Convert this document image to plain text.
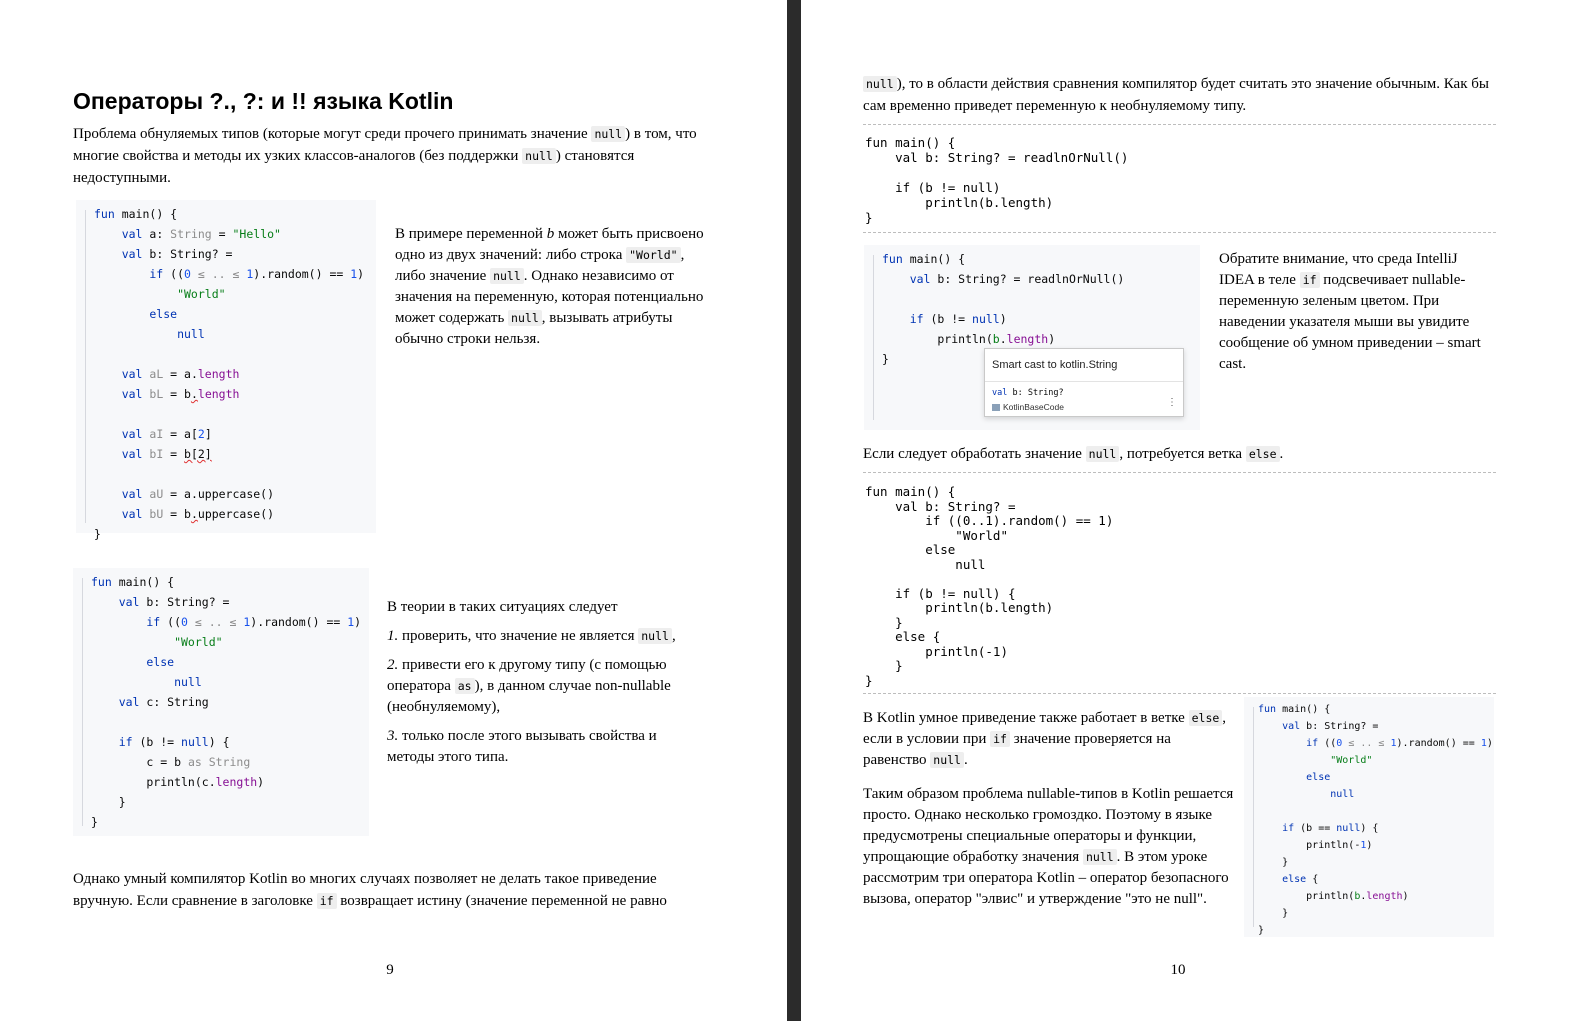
Операторы ?., ?: и !! языка Kotlin
Проблема обнуляемых типов (которые могут среди прочего принимать значение null ) в том, что многие свойства и методы их узких классов-аналогов (без поддержки null ) становятся недоступными.
fun main() {
val a: String = "Hello"
val b: String? =
if ((0 ≤ .. ≤ 1).random() == 1)
"World"
else
null
val aL = a.length
val bL = b.length
val aI = a[2]
val bI = b[2]
val aU = a.uppercase()
val bU = b.uppercase()
}
В примере переменной b может быть присвоено одно из двух значений: либо строка "World" , либо значение null . Однако независимо от значения на переменную, которая потенциально может содержать null , вызывать атрибуты обычно строки нельзя.
fun main() {
val b: String? =
if ((0 ≤ .. ≤ 1).random() == 1)
"World"
else
null
val c: String
if (b != null) {
c = b as String
println(c.length)
}
}
В теории в таких ситуациях следует
1. проверить, что значение не является null ,
2. привести его к другому типу (с помощью оператора as ), в данном случае non-nullable (необнуляемому),
3. только после этого вызывать свойства и методы этого типа.
Однако умный компилятор Kotlin во многих случаях позволяет не делать такое приведение вручную. Если сравнение в заголовке if возвращает истину (значение переменной не равно
9
null ), то в области действия сравнения компилятор будет считать это значение обычным. Как бы сам временно приведет переменную к необнуляемому типу.
fun main() {
val b: String? = readlnOrNull()

if (b != null)
println(b.length)
}
fun main() {
val b: String? = readlnOrNull()
if (b != null)
println(b.length)
}	Smart cast to kotlin.String
val b: String?
KotlinBaseCode	⋮
Обратите внимание, что среда IntelliJ IDEA в теле if подсвечивает nullable-переменную зеленым цветом. При наведении указателя мыши вы увидите сообщение об умном приведении – smart cast.
Если следует обработать значение null , потребуется ветка else .
fun main() {
val b: String? =
if ((0..1).random() == 1)
"World"
else
null

if (b != null) {
println(b.length)
}
else {
println(-1)
}
}
В Kotlin умное приведение также работает в ветке else , если в условии при if значение проверяется на равенство null .
Таким образом проблема nullable-типов в Kotlin решается просто. Однако несколько громоздко. Поэтому в языке предусмотрены специальные операторы и функции, упрощающие обработку значения null . В этом уроке рассмотрим три оператора Kotlin – оператор безопасного вызова, оператор "элвис" и утверждение "это не null".
fun main() {
val b: String? =
if ((0 ≤ .. ≤ 1).random() == 1)
"World"
else
null
if (b == null) {
println(-1)
}
else {
println(b.length)
}
}
10
